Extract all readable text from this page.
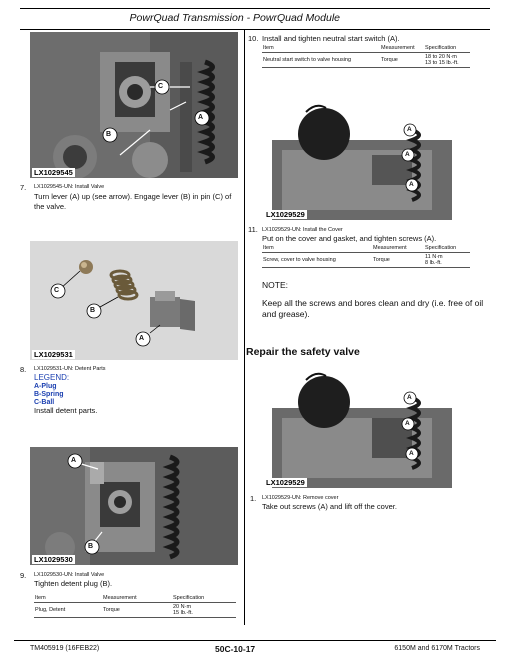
PowrQuad Transmission - PowrQuad Module
A
C
B
LX1029545
7. LX1029545-UN: Install Valve
Turn lever (A) up (see arrow). Engage lever (B) in pin (C) of the valve.
C
B
A
LX1029531
8. LX1029531-UN: Detent Parts
LEGEND:
A-Plug
B-Spring
C-Ball
Install detent parts.
A
B
LX1029530
9. LX1029530-UN: Install Valve
Tighten detent plug (B).
Item	Measurement	Specification
Plug, Detent	Torque	20 N·m
15 lb.-ft.
10. Install and tighten neutral start switch (A).
Item	Measurement	Specification
Neutral start switch to valve housing	Torque	18 to 20 N·m
13 to 15 lb.-ft.
A
A
A
LX1029529
11. LX1029529-UN: Install the Cover
Put on the cover and gasket, and tighten screws (A).
Item	Measurement	Specification
Screw, cover to valve housing	Torque	11 N·m
8 lb.-ft.
NOTE:
Keep all the screws and bores clean and dry (i.e. free of oil and grease).
Repair the safety valve
A
A
A
LX1029529
1. LX1029529-UN: Remove cover
Take out screws (A) and lift off the cover.
TM405919 (16FEB22)	50C-10-17	6150M and 6170M Tractors
